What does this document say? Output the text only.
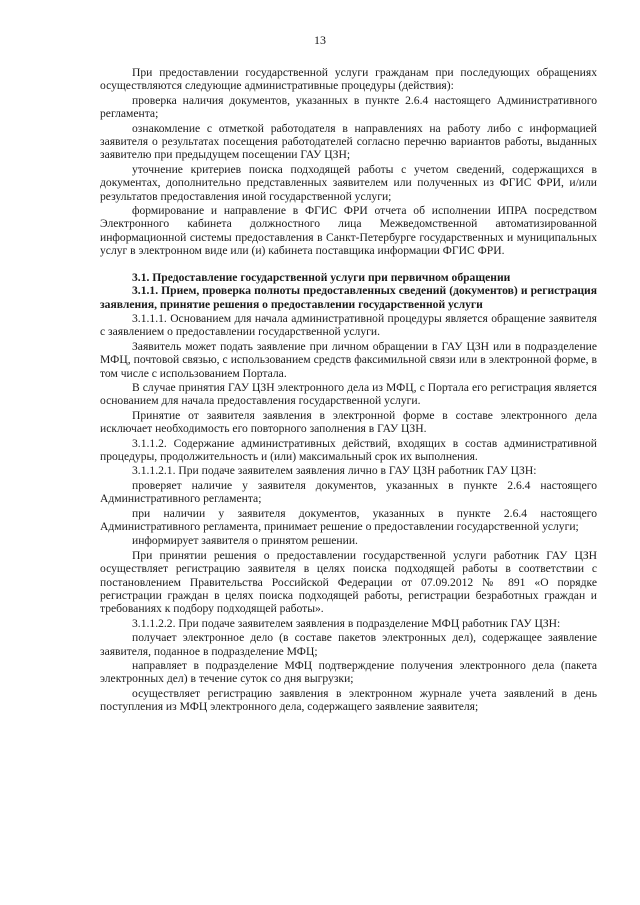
13

При предоставлении государственной услуги гражданам при последующих обращениях осуществляются следующие административные процедуры (действия):

проверка наличия документов, указанных в пункте 2.6.4 настоящего Административного регламента;

ознакомление с отметкой работодателя в направлениях на работу либо с информацией заявителя о результатах посещения работодателей согласно перечню вариантов работы, выданных заявителю при предыдущем посещении ГАУ ЦЗН;

уточнение критериев поиска подходящей работы с учетом сведений, содержащихся в документах, дополнительно представленных заявителем или полученных из ФГИС ФРИ, и/или результатов предоставления иной государственной услуги;

формирование и направление в ФГИС ФРИ отчета об исполнении ИПРА посредством Электронного кабинета должностного лица Межведомственной автоматизированной информационной системы предоставления в Санкт-Петербурге государственных и муниципальных услуг в электронном виде или (и) кабинета поставщика информации ФГИС ФРИ.

3.1. Предоставление государственной услуги при первичном обращении

3.1.1. Прием, проверка полноты предоставленных сведений (документов) и регистрация заявления, принятие решения о предоставлении государственной услуги

3.1.1.1. Основанием для начала административной процедуры является обращение заявителя с заявлением о предоставлении государственной услуги.

Заявитель может подать заявление при личном обращении в ГАУ ЦЗН или в подразделение МФЦ, почтовой связью, с использованием средств факсимильной связи или в электронной форме, в том числе с использованием Портала.

В случае принятия ГАУ ЦЗН электронного дела из МФЦ, с Портала его регистрация является основанием для начала предоставления государственной услуги.

Принятие от заявителя заявления в электронной форме в составе электронного дела исключает необходимость его повторного заполнения в ГАУ ЦЗН.

3.1.1.2. Содержание административных действий, входящих в состав административной процедуры, продолжительность и (или) максимальный срок их выполнения.

3.1.1.2.1. При подаче заявителем заявления лично в ГАУ ЦЗН работник ГАУ ЦЗН:

проверяет наличие у заявителя документов, указанных в пункте 2.6.4 настоящего Административного регламента;

при наличии у заявителя документов, указанных в пункте 2.6.4 настоящего Административного регламента, принимает решение о предоставлении государственной услуги;

информирует заявителя о принятом решении.

При принятии решения о предоставлении государственной услуги работник ГАУ ЦЗН осуществляет регистрацию заявителя в целях поиска подходящей работы в соответствии с постановлением Правительства Российской Федерации от 07.09.2012 № 891 «О порядке регистрации граждан в целях поиска подходящей работы, регистрации безработных граждан и требованиях к подбору подходящей работы».

3.1.1.2.2. При подаче заявителем заявления в подразделение МФЦ работник ГАУ ЦЗН:

получает электронное дело (в составе пакетов электронных дел), содержащее заявление заявителя, поданное в подразделение МФЦ;

направляет в подразделение МФЦ подтверждение получения электронного дела (пакета электронных дел) в течение суток со дня выгрузки;

осуществляет регистрацию заявления в электронном журнале учета заявлений в день поступления из МФЦ электронного дела, содержащего заявление заявителя;
